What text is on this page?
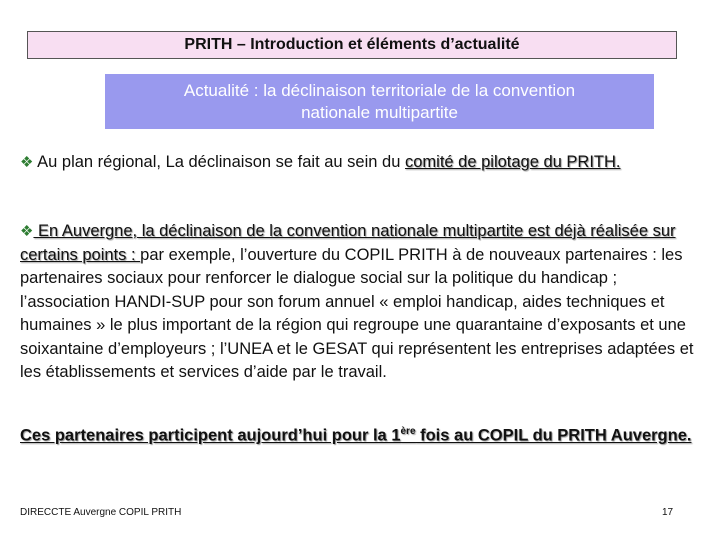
PRITH – Introduction et éléments d’actualité
Actualité : la déclinaison territoriale de la convention
nationale multipartite
❖ Au plan régional, La déclinaison se fait au sein du comité de pilotage du PRITH.
❖ En Auvergne, la déclinaison de la convention nationale multipartite est déjà réalisée sur certains points : par exemple, l’ouverture du COPIL PRITH à de nouveaux partenaires : les partenaires sociaux pour renforcer le dialogue social sur la politique du handicap ; l’association HANDI-SUP pour son forum annuel « emploi handicap, aides techniques et humaines » le plus important de la région qui regroupe une quarantaine d’exposants et une soixantaine d’employeurs ; l’UNEA et le GESAT qui représentent les entreprises adaptées et les établissements et services d’aide par le travail.
Ces partenaires participent aujourd’hui pour la 1ère fois au COPIL du PRITH Auvergne.
DIRECCTE Auvergne COPIL PRITH	17
